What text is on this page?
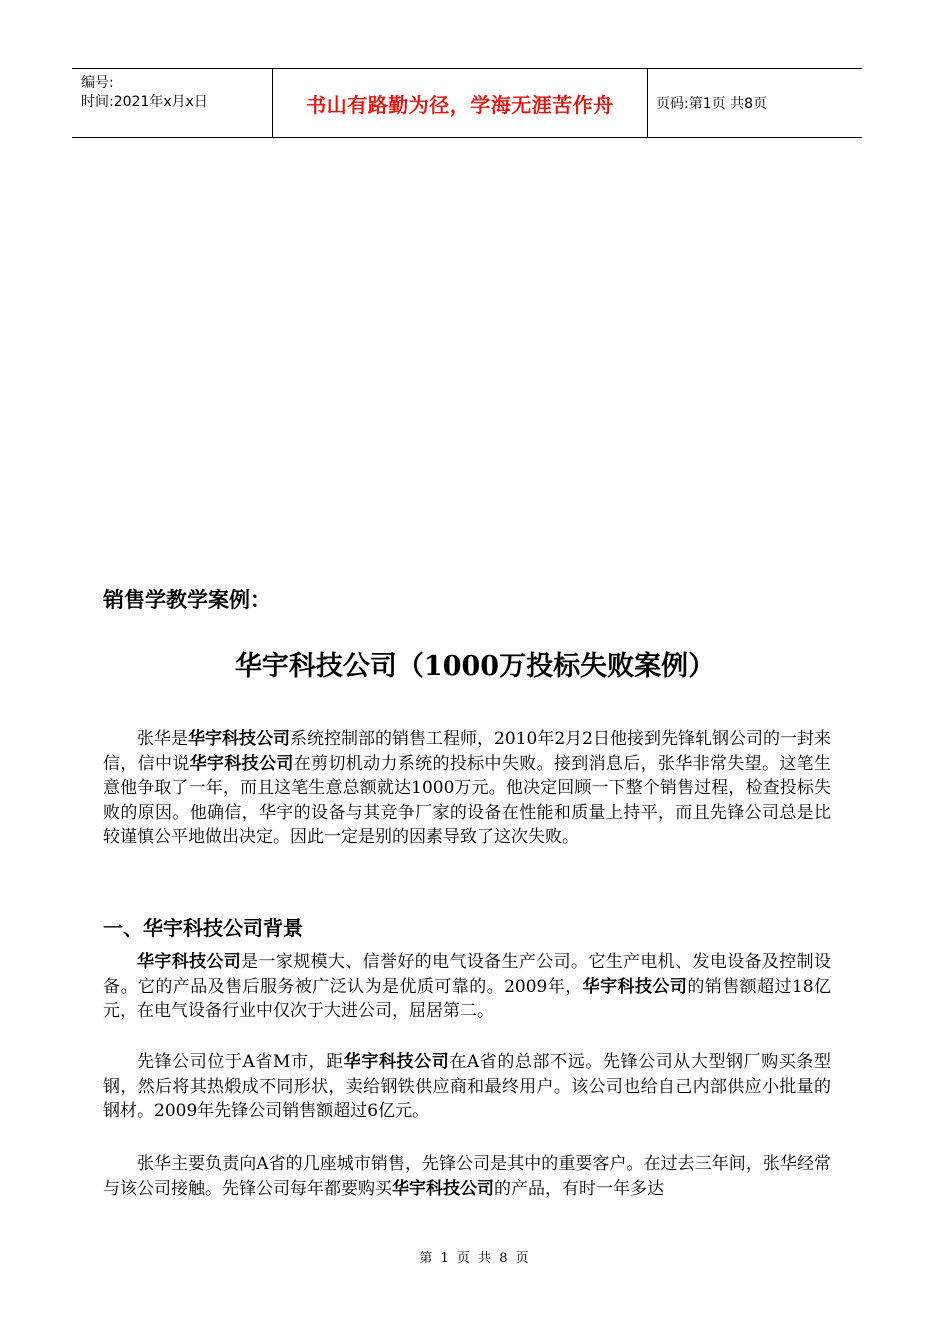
编号:
时间:2021年x月x日	书山有路勤为径，学海无涯苦作舟	页码:第1页 共8页
销售学教学案例：
华宇科技公司（1000万投标失败案例）

张华是华宇科技公司系统控制部的销售工程师，2010年2月2日他接到先锋轧钢公司的一封来信，信中说华宇科技公司在剪切机动力系统的投标中失败。接到消息后，张华非常失望。这笔生意他争取了一年，而且这笔生意总额就达1000万元。他决定回顾一下整个销售过程，检查投标失败的原因。他确信，华宇的设备与其竞争厂家的设备在性能和质量上持平，而且先锋公司总是比较谨慎公平地做出决定。因此一定是别的因素导致了这次失败。

一、华宇科技公司背景

华宇科技公司是一家规模大、信誉好的电气设备生产公司。它生产电机、发电设备及控制设备。它的产品及售后服务被广泛认为是优质可靠的。2009年，华宇科技公司的销售额超过18亿元，在电气设备行业中仅次于大进公司，屈居第二。

先锋公司位于A省M市，距华宇科技公司在A省的总部不远。先锋公司从大型钢厂购买条型钢，然后将其热煅成不同形状，卖给钢铁供应商和最终用户。该公司也给自己内部供应小批量的钢材。2009年先锋公司销售额超过6亿元。

张华主要负责向A省的几座城市销售，先锋公司是其中的重要客户。在过去三年间，张华经常与该公司接触。先锋公司每年都要购买华宇科技公司的产品，有时一年多达

第 1 页 共 8 页
